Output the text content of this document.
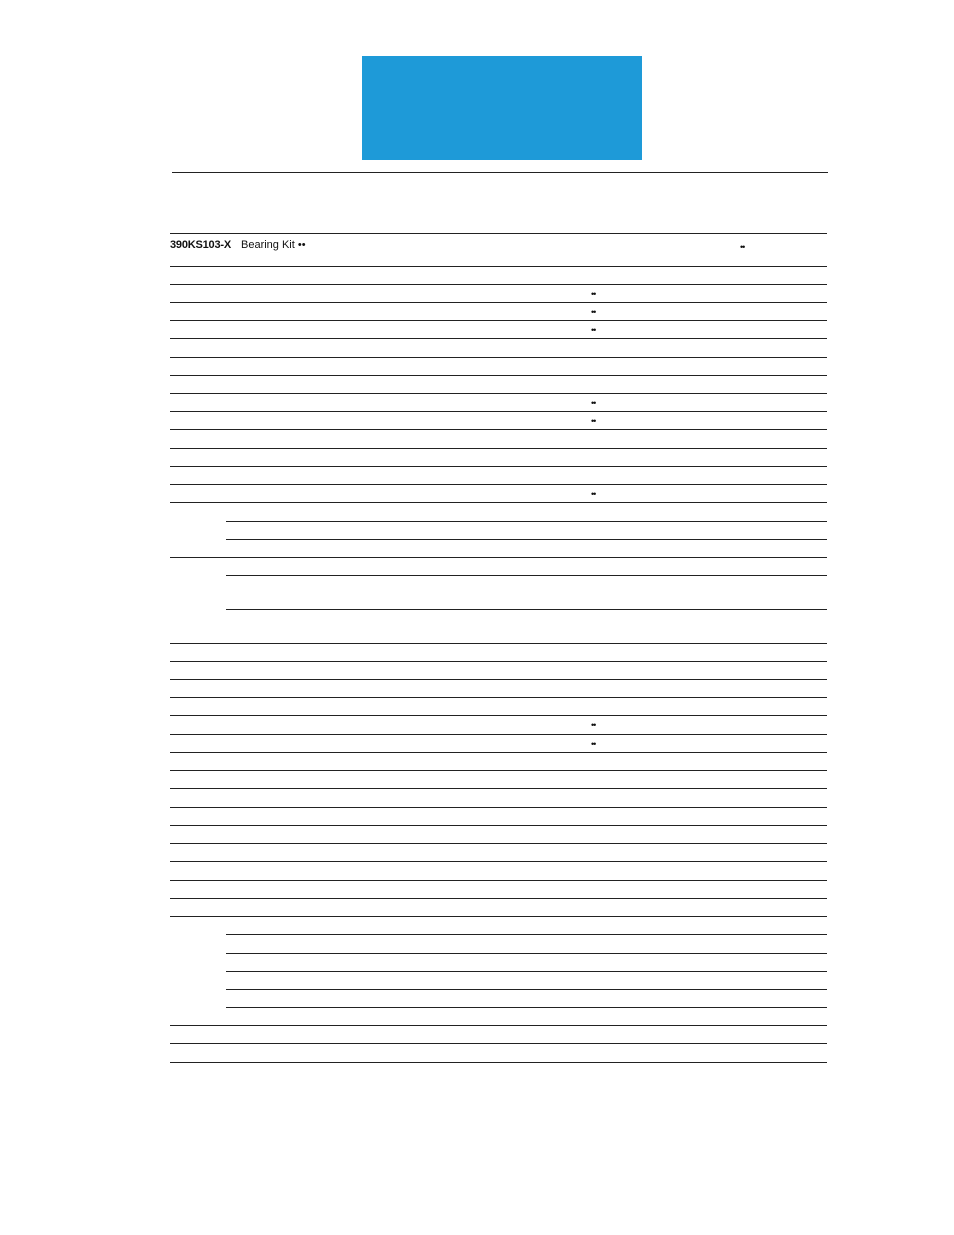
390KS103-X Bearing Kit ••	••
••
••
••
••
••
••
••
••
